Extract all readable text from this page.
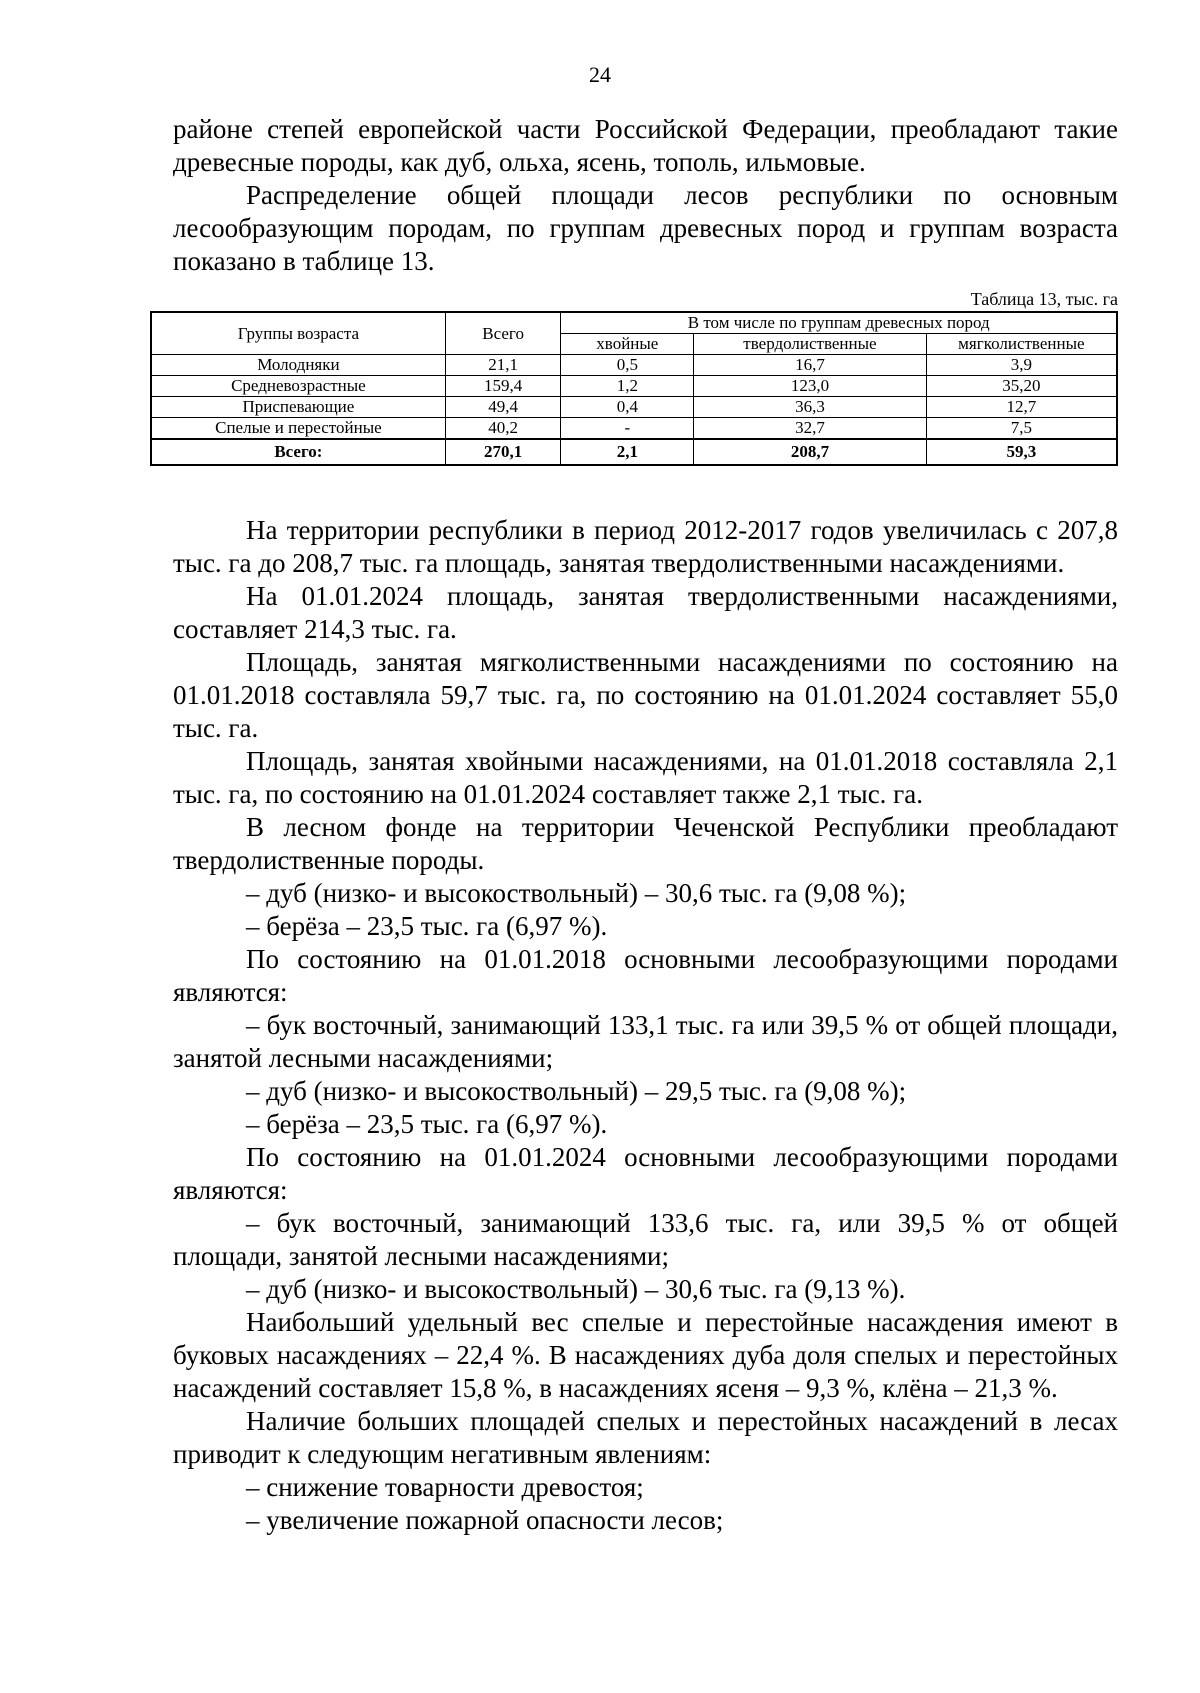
24

районе степей европейской части Российской Федерации, преобладают такие древесные породы, как дуб, ольха, ясень, тополь, ильмовые.

Распределение общей площади лесов республики по основным лесообразующим породам, по группам древесных пород и группам возраста показано в таблице 13.

Таблица 13, тыс. га
Группы возраста	Всего	В том числе по группам древесных пород		
		хвойные	твердолиственные	мягколиственные
Молодняки	21,1	0,5	16,7	3,9
Средневозрастные	159,4	1,2	123,0	35,20
Приспевающие	49,4	0,4	36,3	12,7
Спелые и перестойные	40,2	-	32,7	7,5
Всего:	270,1	2,1	208,7	59,3

На территории республики в период 2012-2017 годов увеличилась с 207,8 тыс. га до 208,7 тыс. га площадь, занятая твердолиственными насаждениями.

На 01.01.2024 площадь, занятая твердолиственными насаждениями, составляет 214,3 тыс. га.

Площадь, занятая мягколиственными насаждениями по состоянию на 01.01.2018 составляла 59,7 тыс. га, по состоянию на 01.01.2024 составляет 55,0 тыс. га.

Площадь, занятая хвойными насаждениями, на 01.01.2018 составляла 2,1 тыс. га, по состоянию на 01.01.2024 составляет также 2,1 тыс. га.

В лесном фонде на территории Чеченской Республики преобладают твердолиственные породы.

– дуб (низко- и высокоствольный) – 30,6 тыс. га (9,08 %);

– берёза – 23,5 тыс. га (6,97 %).

По состоянию на 01.01.2018 основными лесообразующими породами являются:

– бук восточный, занимающий 133,1 тыс. га или 39,5 % от общей площади, занятой лесными насаждениями;

– дуб (низко- и высокоствольный) – 29,5 тыс. га (9,08 %);

– берёза – 23,5 тыс. га (6,97 %).

По состоянию на 01.01.2024 основными лесообразующими породами являются:

– бук восточный, занимающий 133,6 тыс. га, или 39,5 % от общей площади, занятой лесными насаждениями;

– дуб (низко- и высокоствольный) – 30,6 тыс. га (9,13 %).

Наибольший удельный вес спелые и перестойные насаждения имеют в буковых насаждениях – 22,4 %. В насаждениях дуба доля спелых и перестойных насаждений составляет 15,8 %, в насаждениях ясеня – 9,3 %, клёна – 21,3 %.

Наличие больших площадей спелых и перестойных насаждений в лесах приводит к следующим негативным явлениям:

– снижение товарности древостоя;

– увеличение пожарной опасности лесов;
